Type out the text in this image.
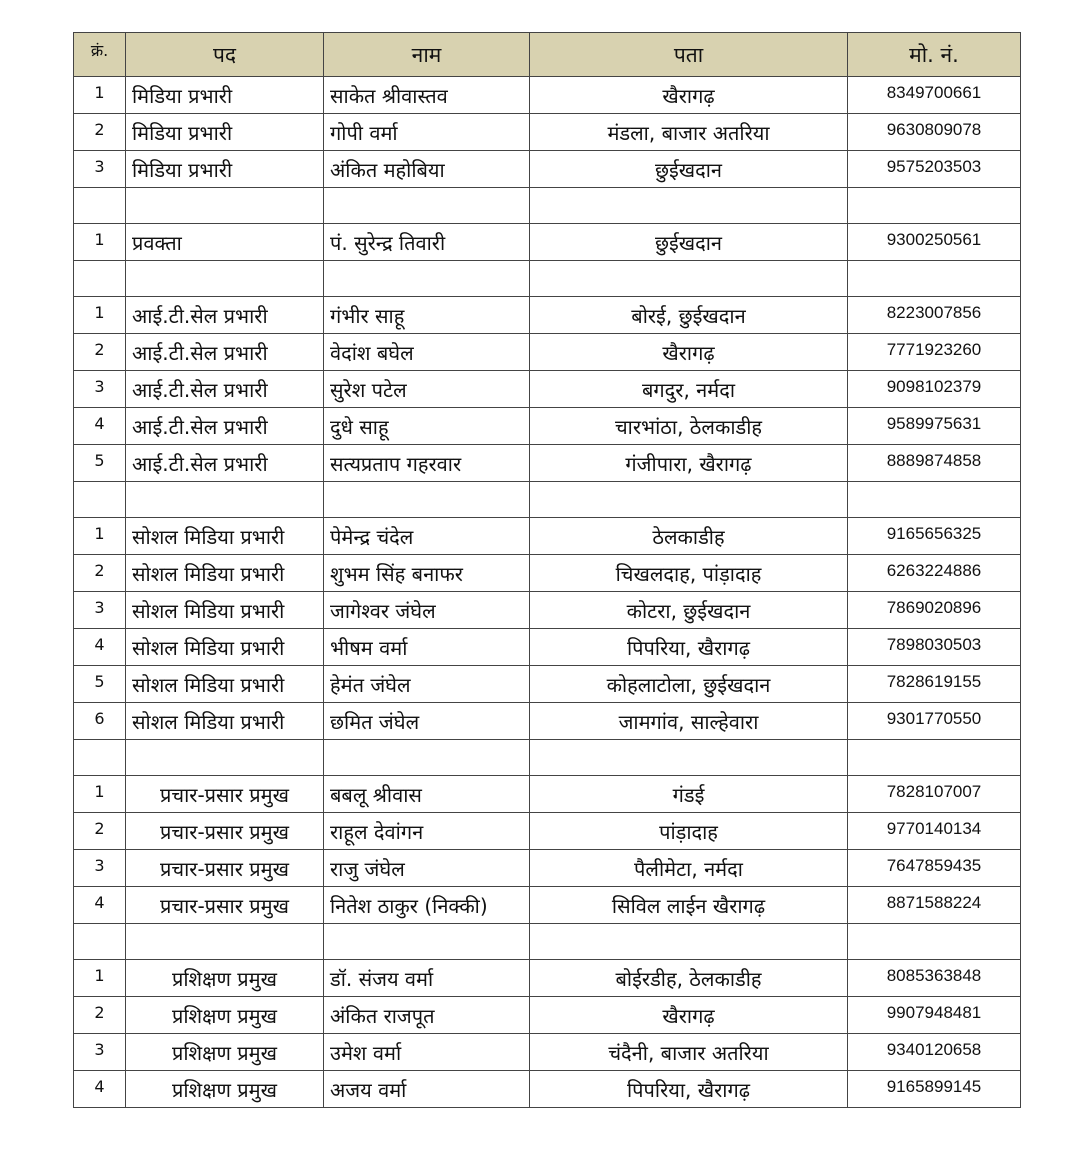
क्रं.	पद	नाम	पता	मो. नं.
1	मिडिया प्रभारी	साकेत श्रीवास्तव	खैरागढ़	8349700661
2	मिडिया प्रभारी	गोपी वर्मा	मंडला, बाजार अतरिया	9630809078
3	मिडिया प्रभारी	अंकित महोबिया	छुईखदान	9575203503

1	प्रवक्ता	पं. सुरेन्द्र तिवारी	छुईखदान	9300250561

1	आई.टी.सेल प्रभारी	गंभीर साहू	बोरई, छुईखदान	8223007856
2	आई.टी.सेल प्रभारी	वेदांश बघेल	खैरागढ़	7771923260
3	आई.टी.सेल प्रभारी	सुरेश पटेल	बगदुर, नर्मदा	9098102379
4	आई.टी.सेल प्रभारी	दुधे साहू	चारभांठा, ठेलकाडीह	9589975631
5	आई.टी.सेल प्रभारी	सत्यप्रताप गहरवार	गंजीपारा, खैरागढ़	8889874858

1	सोशल मिडिया प्रभारी	पेमेन्द्र चंदेल	ठेलकाडीह	9165656325
2	सोशल मिडिया प्रभारी	शुभम सिंह बनाफर	चिखलदाह, पांड़ादाह	6263224886
3	सोशल मिडिया प्रभारी	जागेश्वर जंघेल	कोटरा, छुईखदान	7869020896
4	सोशल मिडिया प्रभारी	भीषम वर्मा	पिपरिया, खैरागढ़	7898030503
5	सोशल मिडिया प्रभारी	हेमंत जंघेल	कोहलाटोला, छुईखदान	7828619155
6	सोशल मिडिया प्रभारी	छमित जंघेल	जामगांव, साल्हेवारा	9301770550

1	प्रचार-प्रसार प्रमुख	बबलू श्रीवास	गंडई	7828107007
2	प्रचार-प्रसार प्रमुख	राहूल देवांगन	पांड़ादाह	9770140134
3	प्रचार-प्रसार प्रमुख	राजु जंघेल	पैलीमेटा, नर्मदा	7647859435
4	प्रचार-प्रसार प्रमुख	नितेश ठाकुर (निक्की)	सिविल लाईन खैरागढ़	8871588224

1	प्रशिक्षण प्रमुख	डॉ. संजय वर्मा	बोईरडीह, ठेलकाडीह	8085363848
2	प्रशिक्षण प्रमुख	अंकित राजपूत	खैरागढ़	9907948481
3	प्रशिक्षण प्रमुख	उमेश वर्मा	चंदैनी, बाजार अतरिया	9340120658
4	प्रशिक्षण प्रमुख	अजय वर्मा	पिपरिया, खैरागढ़	9165899145
